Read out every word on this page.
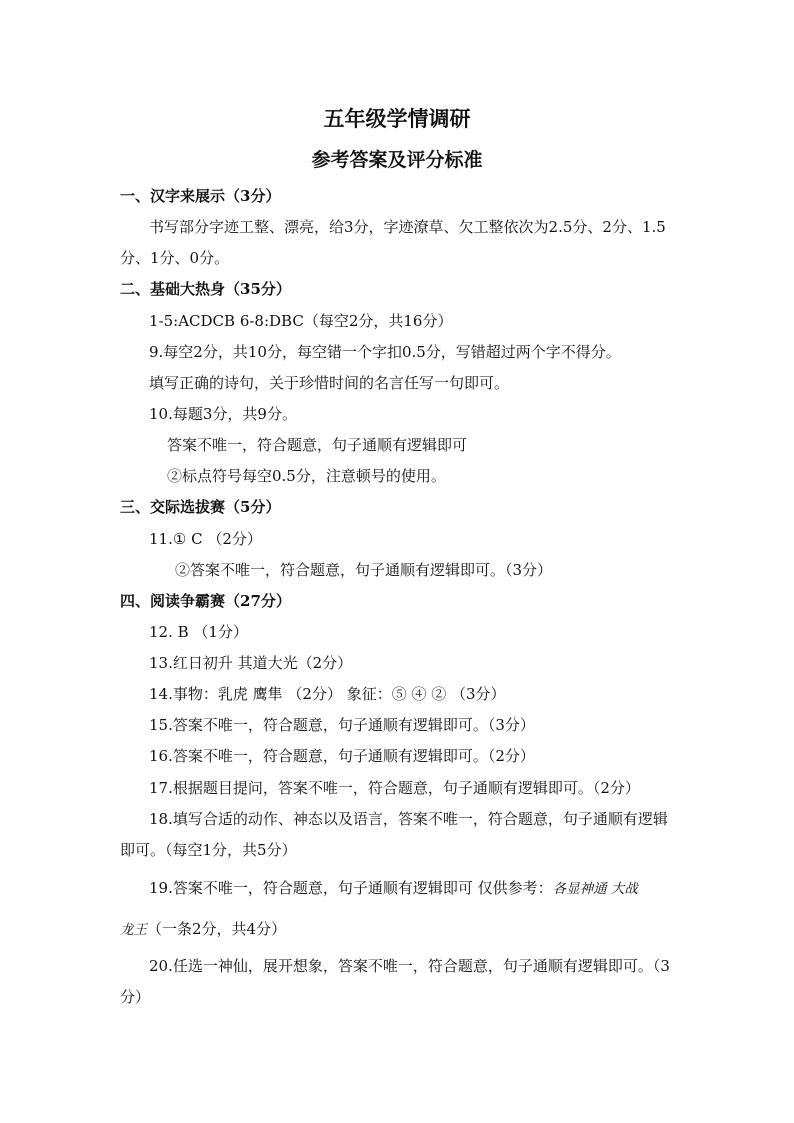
五年级学情调研
参考答案及评分标准
一、汉字来展示（3分）
书写部分字迹工整、漂亮，给3分，字迹潦草、欠工整依次为2.5分、2分、1.5
分、1分、0分。
二、基础大热身（35分）
1-5:ACDCB 6-8:DBC（每空2分，共16分）
9.每空2分，共10分，每空错一个字扣0.5分，写错超过两个字不得分。
填写正确的诗句，关于珍惜时间的名言任写一句即可。
10.每题3分，共9分。
答案不唯一，符合题意，句子通顺有逻辑即可
②标点符号每空0.5分，注意顿号的使用。
三、交际选拔赛（5分）
11.① C （2分）
②答案不唯一，符合题意，句子通顺有逻辑即可。（3分）
四、阅读争霸赛（27分）
12. B （1分）
13.红日初升 其道大光（2分）
14.事物：乳虎 鹰隼 （2分） 象征：⑤ ④ ② （3分）
15.答案不唯一，符合题意，句子通顺有逻辑即可。（3分）
16.答案不唯一，符合题意，句子通顺有逻辑即可。（2分）
17.根据题目提问，答案不唯一，符合题意，句子通顺有逻辑即可。（2分）
18.填写合适的动作、神态以及语言，答案不唯一，符合题意，句子通顺有逻辑
即可。（每空1分，共5分）
19.答案不唯一，符合题意，句子通顺有逻辑即可 仅供参考：各显神通 大战
龙王（一条2分，共4分）
20.任选一神仙，展开想象，答案不唯一，符合题意，句子通顺有逻辑即可。（3
分）
